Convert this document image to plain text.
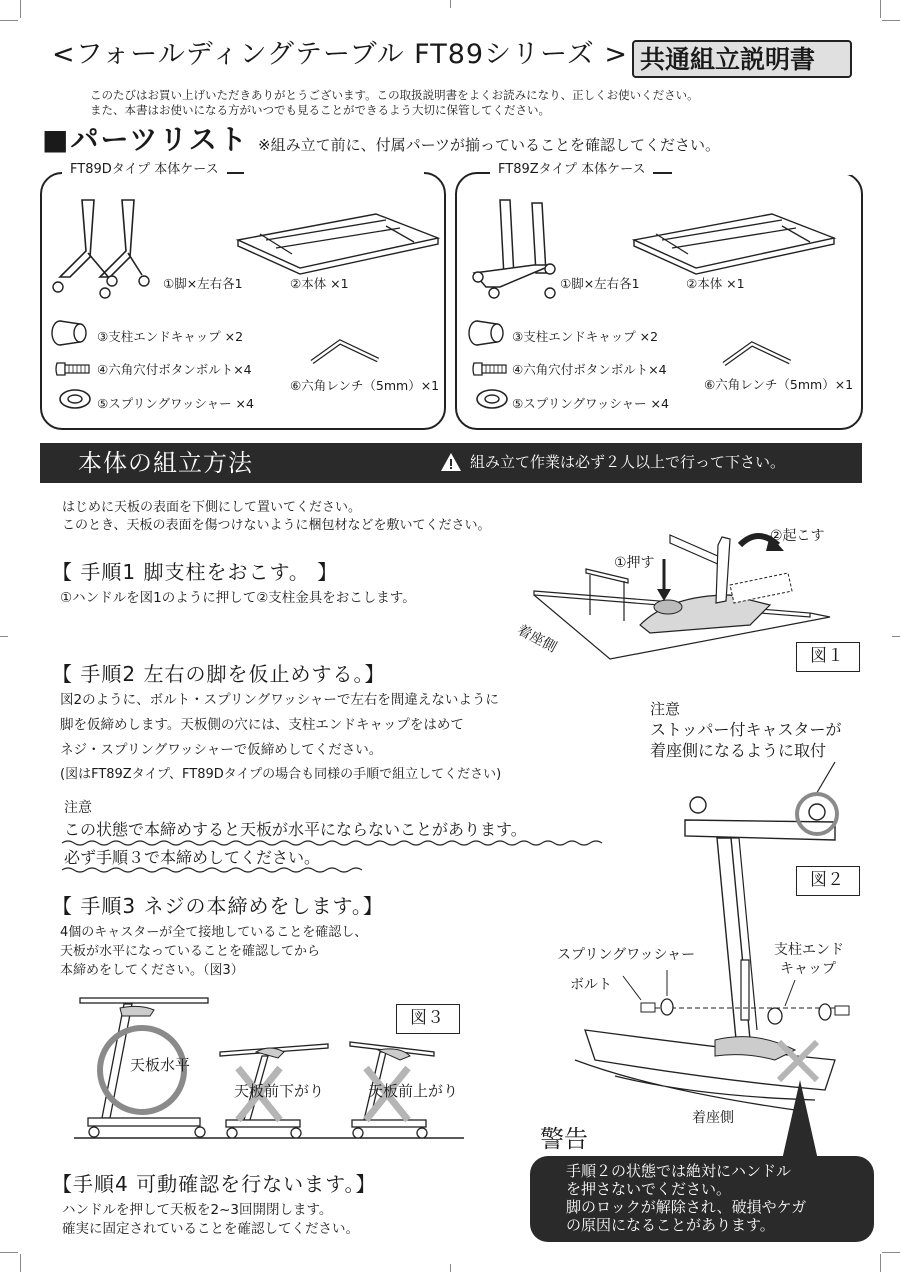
<フォールディングテーブル FT89シリーズ > 共通組立説明書
このたびはお買い上げいただきありがとうございます。この取扱説明書をよくお読みになり、正しくお使いください。
また、本書はお使いになる方がいつでも見ることができるよう大切に保管してください。
■パーツリスト ※組み立て前に、付属パーツが揃っていることを確認してください。
FT89Dタイプ 本体ケース
①脚×左右各1	②本体 ×1
③支柱エンドキャップ ×2
④六角穴付ボタンボルト×4
⑤スプリングワッシャー ×4
⑥六角レンチ（5mm）×1
FT89Zタイプ 本体ケース
①脚×左右各1	②本体 ×1
③支柱エンドキャップ ×2
④六角穴付ボタンボルト×4
⑤スプリングワッシャー ×4
⑥六角レンチ（5mm）×1
本体の組立方法	組み立て作業は必ず２人以上で行って下さい。
はじめに天板の表面を下側にして置いてください。
このとき、天板の表面を傷つけないように梱包材などを敷いてください。
【 手順1 脚支柱をおこす。 】
①ハンドルを図1のように押して②支柱金具をおこします。
①押す
②起こす
着座側
図１
【 手順2 左右の脚を仮止めする。】
図2のように、ボルト・スプリングワッシャーで左右を間違えないように
脚を仮締めします。天板側の穴には、支柱エンドキャップをはめて
ネジ・スプリングワッシャーで仮締めしてください。
(図はFT89Zタイプ、FT89Dタイプの場合も同様の手順で組立してください)
注意
この状態で本締めすると天板が水平にならないことがあります。
必ず手順３で本締めしてください。
注意
ストッパー付キャスターが
着座側になるように取付
図２
スプリングワッシャー	支柱エンド
キャップ
ボルト
着座側
【 手順3 ネジの本締めをします。】
4個のキャスターが全て接地していることを確認し、
天板が水平になっていることを確認してから
本締めをしてください。（図3）
図３
天板水平
天板前下がり	天板前上がり
【手順4 可動確認を行ないます。】
ハンドルを押して天板を2~3回開閉します。
確実に固定されていることを確認してください。
警告
手順２の状態では絶対にハンドル
を押さないでください。
脚のロックが解除され、破損やケガ
の原因になることがあります。
